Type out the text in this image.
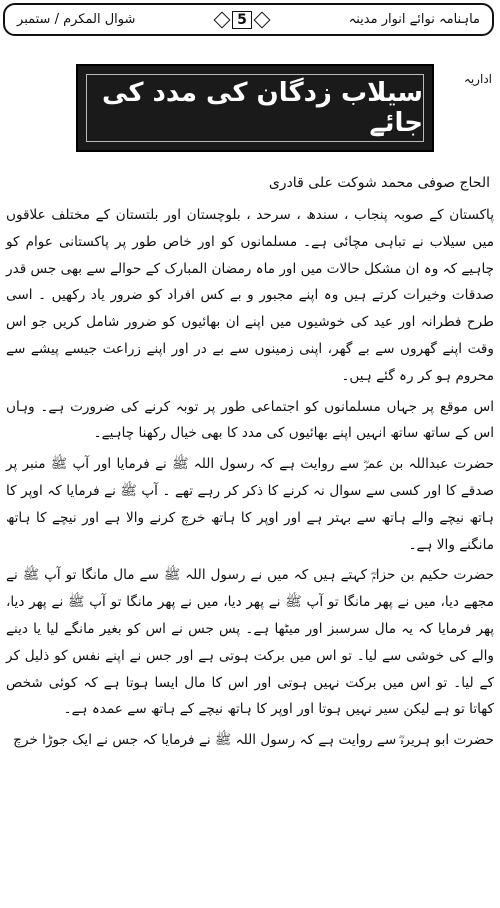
ماہنامہ نوائے انوار مدینہ
5
شوال المکرم / ستمبر
اداریہ
سیلاب زدگان کی مدد کی جائے
الحاج صوفی محمد شوکت علی قادری

پاکستان کے صوبہ پنجاب ، سندھ ، سرحد ، بلوچستان اور بلتستان کے مختلف علاقوں میں سیلاب نے تباہی مچائی ہے۔ مسلمانوں کو اور خاص طور پر پاکستانی عوام کو چاہیے کہ وہ ان مشکل حالات میں اور ماہ رمضان المبارک کے حوالے سے بھی جس قدر صدقات وخیرات کرتے ہیں وہ اپنے مجبور و بے کس افراد کو ضرور یاد رکھیں ۔ اسی طرح فطرانہ اور عید کی خوشیوں میں اپنے ان بھائیوں کو ضرور شامل کریں جو اس وقت اپنے گھروں سے بے گھر، اپنی زمینوں سے بے در اور اپنے زراعت جیسے پیشے سے محروم ہو کر رہ گئے ہیں۔

اس موقع پر جہاں مسلمانوں کو اجتماعی طور پر توبہ کرنے کی ضرورت ہے۔ وہاں اس کے ساتھ ساتھ انہیں اپنے بھائیوں کی مدد کا بھی خیال رکھنا چاہیے۔

حضرت عبداللہ بن عمرؓ سے روایت ہے کہ رسول اللہ ﷺ نے فرمایا اور آپ ﷺ منبر پر صدقے کا اور کسی سے سوال نہ کرنے کا ذکر کر رہے تھے ۔ آپ ﷺ نے فرمایا کہ اوپر کا ہاتھ نیچے والے ہاتھ سے بہتر ہے اور اوپر کا ہاتھ خرچ کرنے والا ہے اور نیچے کا ہاتھ مانگنے والا ہے۔

حضرت حکیم بن حزامؓ کہتے ہیں کہ میں نے رسول اللہ ﷺ سے مال مانگا تو آپ ﷺ نے مجھے دیا، میں نے پھر مانگا تو آپ ﷺ نے پھر دیا، میں نے پھر مانگا تو آپ ﷺ نے پھر دیا، پھر فرمایا کہ یہ مال سرسبز اور میٹھا ہے۔ پس جس نے اس کو بغیر مانگے لیا یا دینے والے کی خوشی سے لیا۔ تو اس میں برکت ہوتی ہے اور جس نے اپنے نفس کو ذلیل کر کے لیا۔ تو اس میں برکت نہیں ہوتی اور اس کا مال ایسا ہوتا ہے کہ کوئی شخص کھاتا تو ہے لیکن سیر نہیں ہوتا اور اوپر کا ہاتھ نیچے کے ہاتھ سے عمدہ ہے۔

حضرت ابو ہریرہؓ سے روایت ہے کہ رسول اللہ ﷺ نے فرمایا کہ جس نے ایک جوڑا خرچ
